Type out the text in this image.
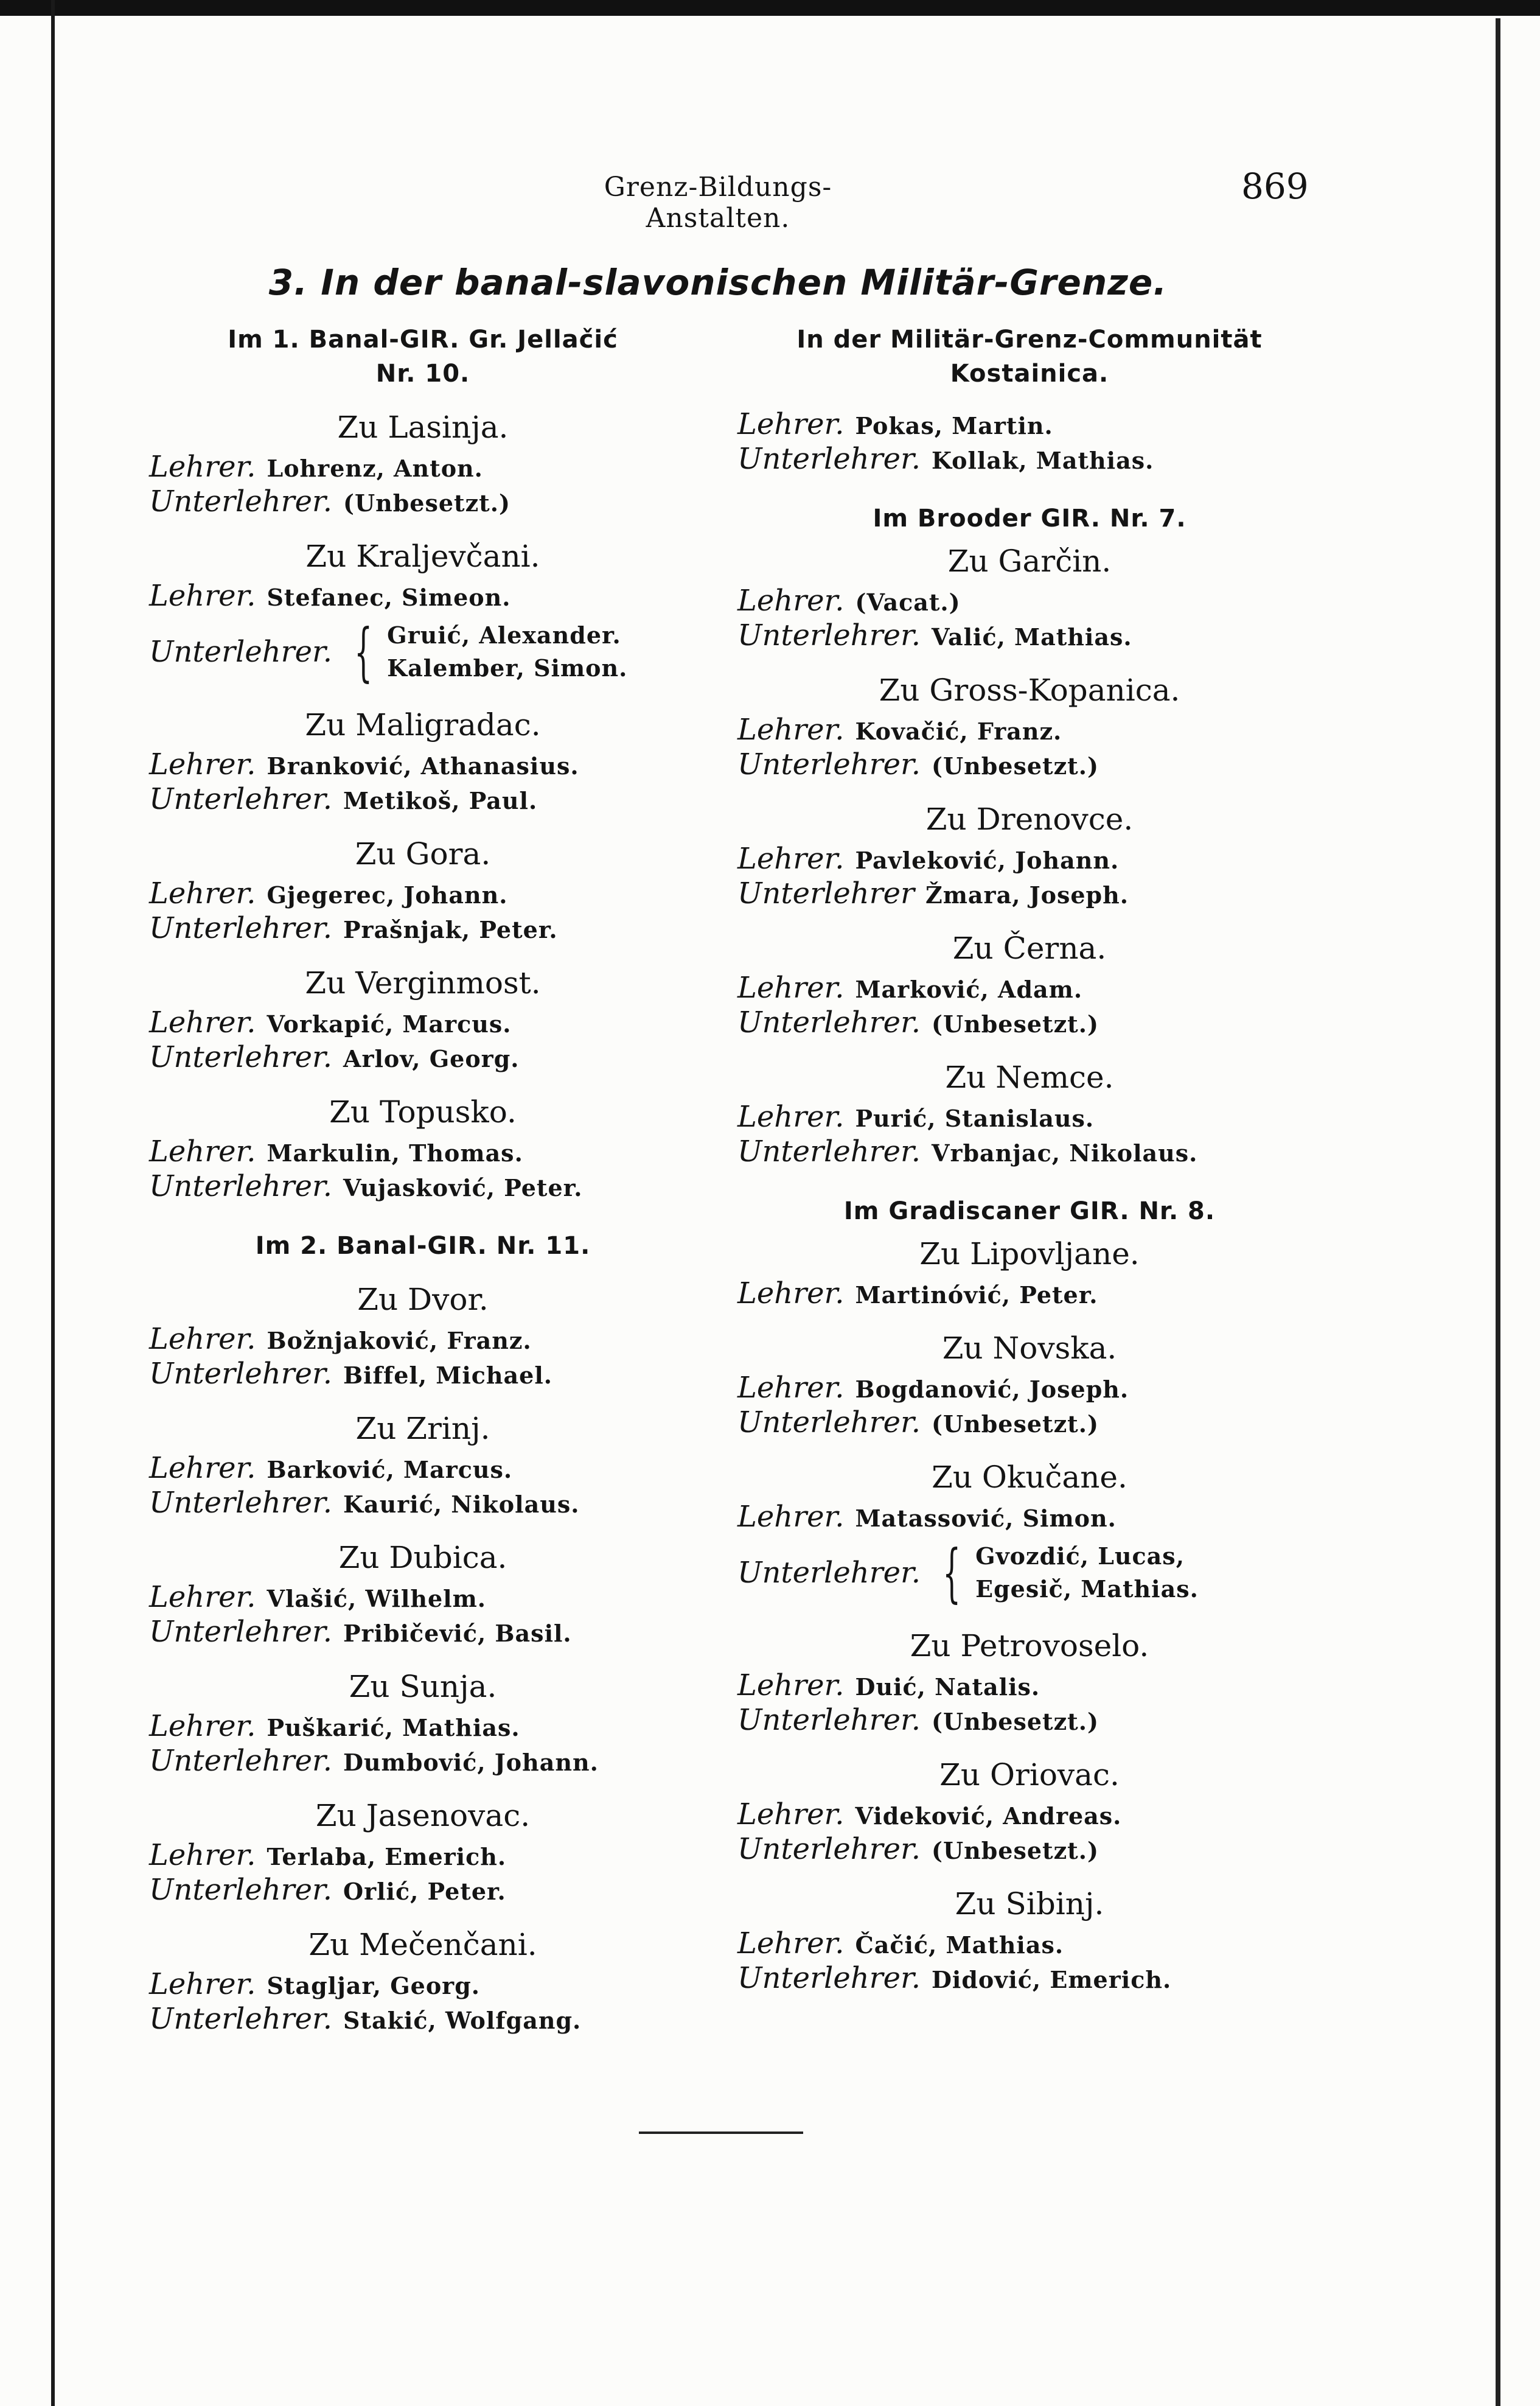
Grenz-Bildungs-Anstalten.
869
3. In der banal-slavonischen Militär-Grenze.
Im 1. Banal-GIR. Gr. Jellačić
Nr. 10.
Zu Lasinja.
Lehrer. Lohrenz, Anton.
Unterlehrer. (Unbesetzt.)
Zu Kraljevčani.
Lehrer. Stefanec, Simeon.
Unterlehrer. { Gruić, Alexander.
Kalember, Simon.
Zu Maligradac.
Lehrer. Branković, Athanasius.
Unterlehrer. Metikoš, Paul.
Zu Gora.
Lehrer. Gjegerec, Johann.
Unterlehrer. Prašnjak, Peter.
Zu Verginmost.
Lehrer. Vorkapić, Marcus.
Unterlehrer. Arlov, Georg.
Zu Topusko.
Lehrer. Markulin, Thomas.
Unterlehrer. Vujasković, Peter.
Im 2. Banal-GIR. Nr. 11.
Zu Dvor.
Lehrer. Božnjaković, Franz.
Unterlehrer. Biffel, Michael.
Zu Zrinj.
Lehrer. Barković, Marcus.
Unterlehrer. Kaurić, Nikolaus.
Zu Dubica.
Lehrer. Vlašić, Wilhelm.
Unterlehrer. Pribičević, Basil.
Zu Sunja.
Lehrer. Puškarić, Mathias.
Unterlehrer. Dumbović, Johann.
Zu Jasenovac.
Lehrer. Terlaba, Emerich.
Unterlehrer. Orlić, Peter.
Zu Mečenčani.
Lehrer. Stagljar, Georg.
Unterlehrer. Stakić, Wolfgang.
In der Militär-Grenz-Communität
Kostainica.
Lehrer. Pokas, Martin.
Unterlehrer. Kollak, Mathias.
Im Brooder GIR. Nr. 7.
Zu Garčin.
Lehrer. (Vacat.)
Unterlehrer. Valić, Mathias.
Zu Gross-Kopanica.
Lehrer. Kovačić, Franz.
Unterlehrer. (Unbesetzt.)
Zu Drenovce.
Lehrer. Pavleković, Johann.
Unterlehrer Žmara, Joseph.
Zu Černa.
Lehrer. Marković, Adam.
Unterlehrer. (Unbesetzt.)
Zu Nemce.
Lehrer. Purić, Stanislaus.
Unterlehrer. Vrbanjac, Nikolaus.
Im Gradiscaner GIR. Nr. 8.
Zu Lipovljane.
Lehrer. Martinóvić, Peter.
Zu Novska.
Lehrer. Bogdanović, Joseph.
Unterlehrer. (Unbesetzt.)
Zu Okučane.
Lehrer. Matassović, Simon.
Unterlehrer. { Gvozdić, Lucas,
Egesič, Mathias.
Zu Petrovoselo.
Lehrer. Duić, Natalis.
Unterlehrer. (Unbesetzt.)
Zu Oriovac.
Lehrer. Videković, Andreas.
Unterlehrer. (Unbesetzt.)
Zu Sibinj.
Lehrer. Čačić, Mathias.
Unterlehrer. Didović, Emerich.
